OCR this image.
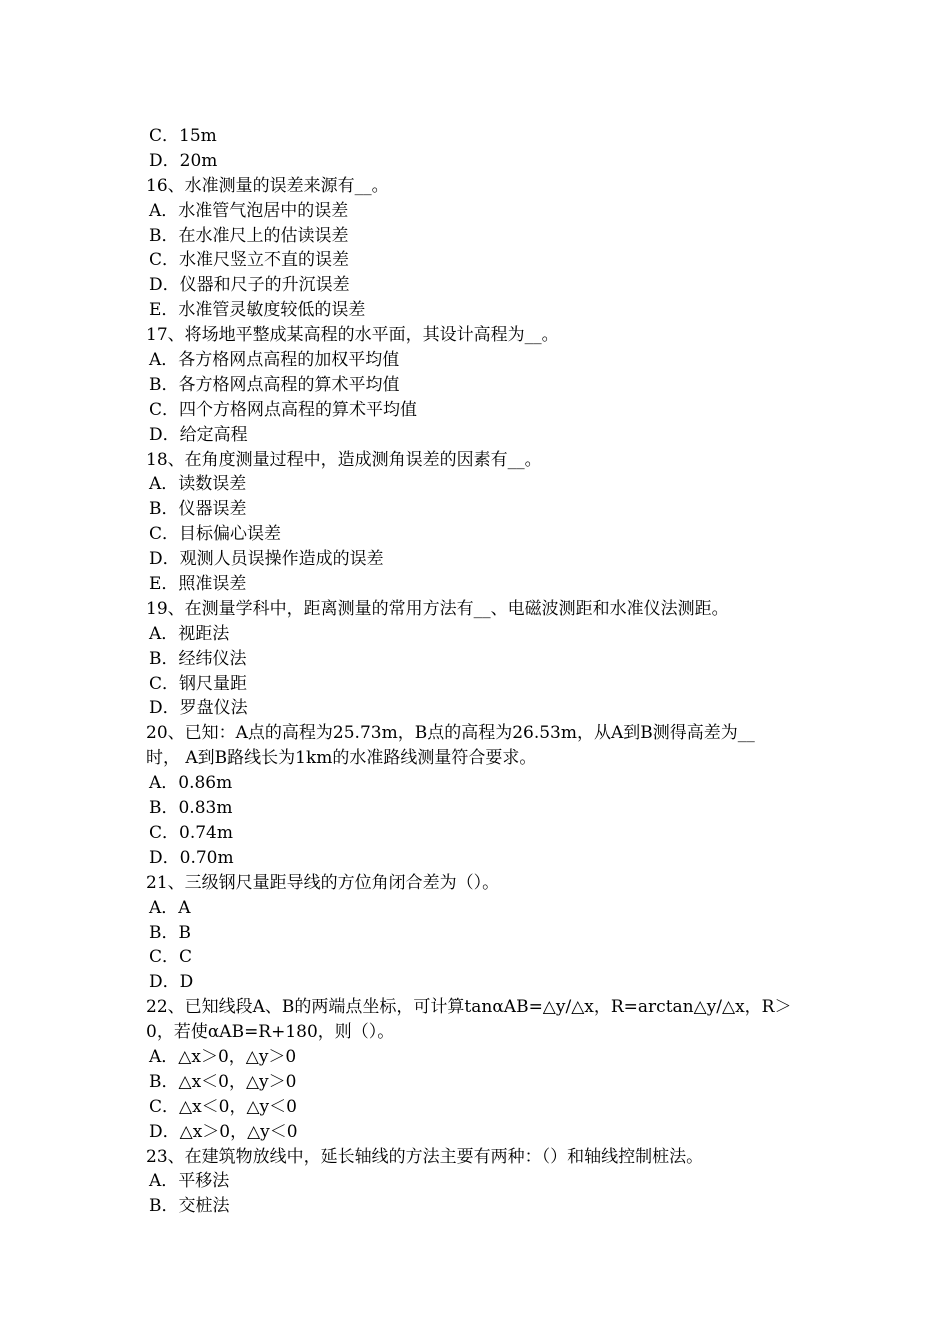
C．15m
D．20m
16、水准测量的误差来源有__。
A．水准管气泡居中的误差
B．在水准尺上的估读误差
C．水准尺竖立不直的误差
D．仪器和尺子的升沉误差
E．水准管灵敏度较低的误差
17、将场地平整成某高程的水平面，其设计高程为__。
A．各方格网点高程的加权平均值
B．各方格网点高程的算术平均值
C．四个方格网点高程的算术平均值
D．给定高程
18、在角度测量过程中，造成测角误差的因素有__。
A．读数误差
B．仪器误差
C．目标偏心误差
D．观测人员误操作造成的误差
E．照准误差
19、在测量学科中，距离测量的常用方法有__、电磁波测距和水准仪法测距。
A．视距法
B．经纬仪法
C．钢尺量距
D．罗盘仪法
20、已知：A点的高程为25.73m，B点的高程为26.53m，从A到B测得高差为__
时， A到B路线长为1km的水准路线测量符合要求。
A．0.86m
B．0.83m
C．0.74m
D．0.70m
21、三级钢尺量距导线的方位角闭合差为（）。
A．A
B．B
C．C
D．D
22、已知线段A、B的两端点坐标，可计算tanαAB=△y/△x，R=arctan△y/△x，R＞
0，若使αAB=R+180，则（）。
A．△x＞0，△y＞0
B．△x＜0，△y＞0
C．△x＜0，△y＜0
D．△x＞0，△y＜0
23、在建筑物放线中，延长轴线的方法主要有两种：（）和轴线控制桩法。
A．平移法
B．交桩法
